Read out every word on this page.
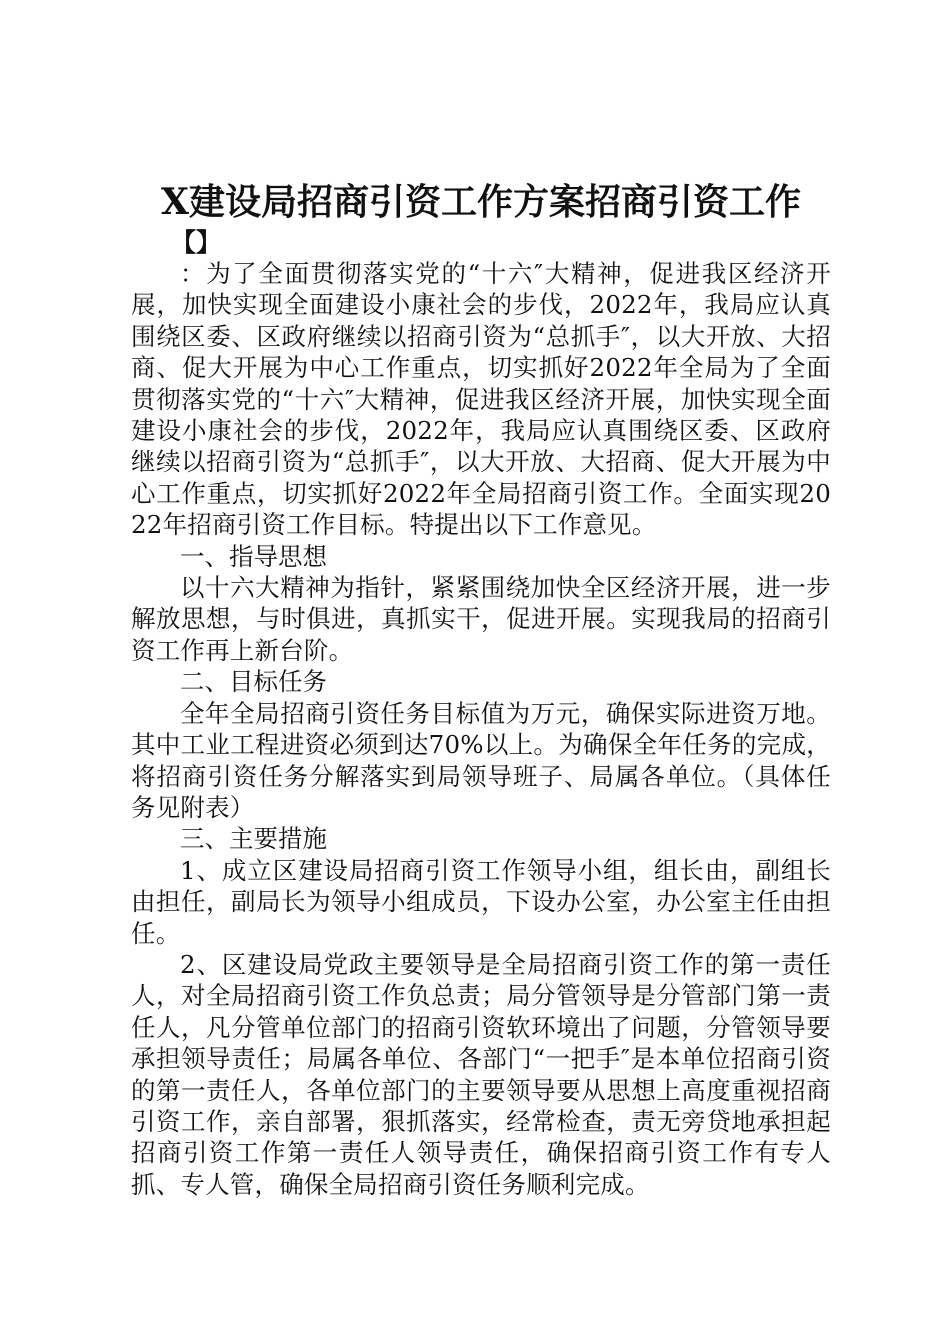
X建设局招商引资工作方案招商引资工作

【】

：为了全面贯彻落实党的“十六″大精神，促进我区经济开展，加快实现全面建设小康社会的步伐，2022年，我局应认真围绕区委、区政府继续以招商引资为“总抓手″，以大开放、大招商、促大开展为中心工作重点，切实抓好2022年全局为了全面贯彻落实党的“十六″大精神，促进我区经济开展，加快实现全面建设小康社会的步伐，2022年，我局应认真围绕区委、区政府继续以招商引资为“总抓手″，以大开放、大招商、促大开展为中心工作重点，切实抓好2022年全局招商引资工作。全面实现2022年招商引资工作目标。特提出以下工作意见。

一、指导思想

以十六大精神为指针，紧紧围绕加快全区经济开展，进一步解放思想，与时俱进，真抓实干，促进开展。实现我局的招商引资工作再上新台阶。

二、目标任务

全年全局招商引资任务目标值为万元，确保实际进资万地。其中工业工程进资必须到达70%以上。为确保全年任务的完成，将招商引资任务分解落实到局领导班子、局属各单位。（具体任务见附表）

三、主要措施

1、成立区建设局招商引资工作领导小组，组长由，副组长由担任，副局长为领导小组成员，下设办公室，办公室主任由担任。

2、区建设局党政主要领导是全局招商引资工作的第一责任人，对全局招商引资工作负总责；局分管领导是分管部门第一责任人，凡分管单位部门的招商引资软环境出了问题，分管领导要承担领导责任；局属各单位、各部门“一把手″是本单位招商引资的第一责任人，各单位部门的主要领导要从思想上高度重视招商引资工作，亲自部署，狠抓落实，经常检查，责无旁贷地承担起招商引资工作第一责任人领导责任，确保招商引资工作有专人抓、专人管，确保全局招商引资任务顺利完成。
